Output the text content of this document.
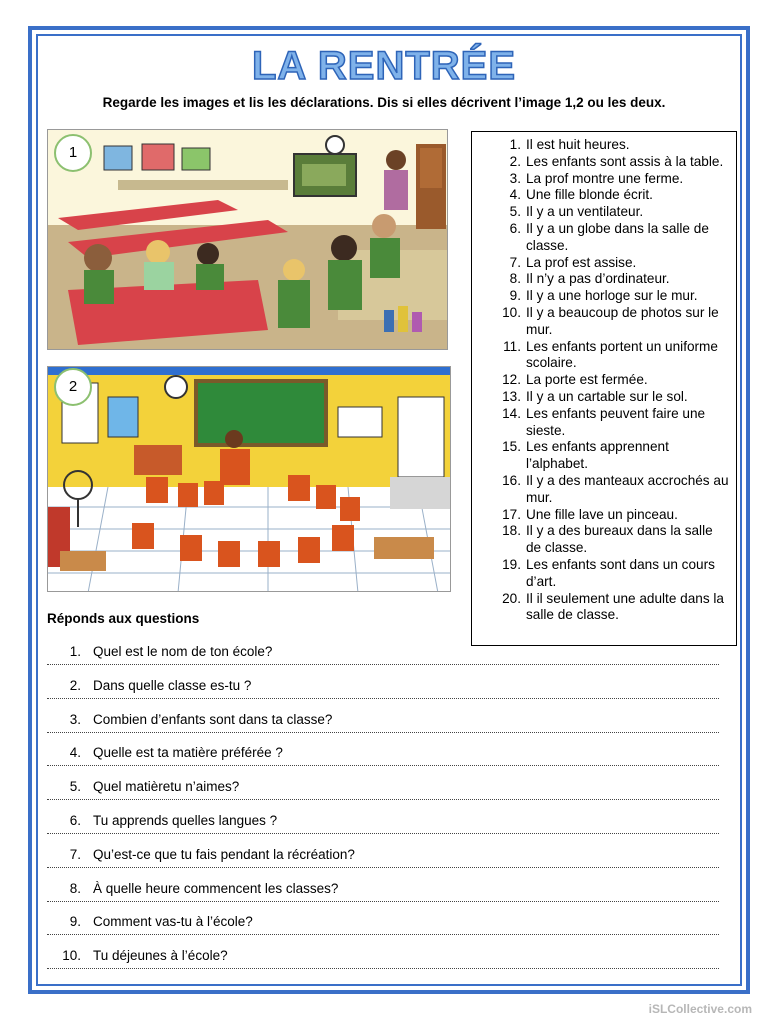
LA RENTRÉE
Regarde les images et lis les déclarations. Dis si elles décrivent l’image 1,2 ou les deux.
1
2
1. Il est huit heures.
2. Les enfants sont assis à la table.
3. La prof montre une ferme.
4. Une fille blonde écrit.
5. Il y a un ventilateur.
6. Il y a un globe dans la salle de classe.
7. La prof est assise.
8. Il n’y a pas d’ordinateur.
9. Il y a une horloge sur le mur.
10. Il y a beaucoup de photos sur le mur.
11. Les enfants portent un uniforme scolaire.
12. La porte est fermée.
13. Il y a un cartable sur le sol.
14. Les enfants peuvent faire une sieste.
15. Les enfants apprennent l’alphabet.
16. Il y a des manteaux accrochés au mur.
17. Une fille lave un pinceau.
18. Il y a des bureaux dans la salle de classe.
19. Les enfants sont dans un cours d’art.
20. Il il seulement une adulte dans la salle de classe.
Réponds aux questions
1. Quel est le nom de ton école?
2. Dans quelle classe es-tu ?
3. Combien d’enfants sont dans ta classe?
4. Quelle est ta matière préférée ?
5. Quel matièretu n’aimes?
6. Tu apprends quelles langues ?
7. Qu’est-ce que tu fais pendant la récréation?
8. À quelle heure commencent les classes?
9. Comment vas-tu à l’école?
10. Tu déjeunes à l’école?
iSLCollective.com
